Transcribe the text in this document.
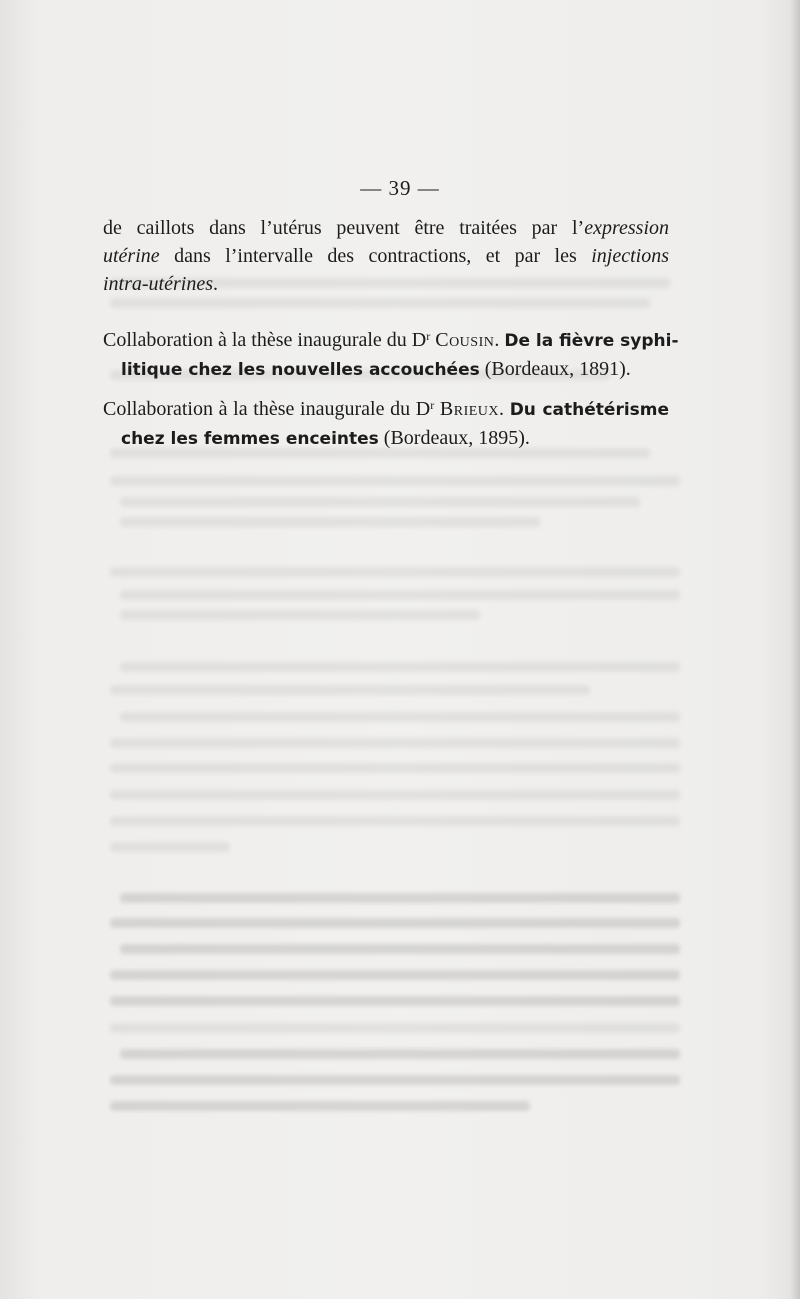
— 39 —
de caillots dans l’utérus peuvent être traitées par l’expression
utérine dans l’intervalle des contractions, et par les injections
intra-utérines.
Collaboration à la thèse inaugurale du $D^r$ Cousin. De la fièvre syphi-
litique chez les nouvelles accouchées (Bordeaux, 1891).
Collaboration à la thèse inaugurale du $D^r$ Brieux. Du cathétérisme
chez les femmes enceintes (Bordeaux, 1895).
